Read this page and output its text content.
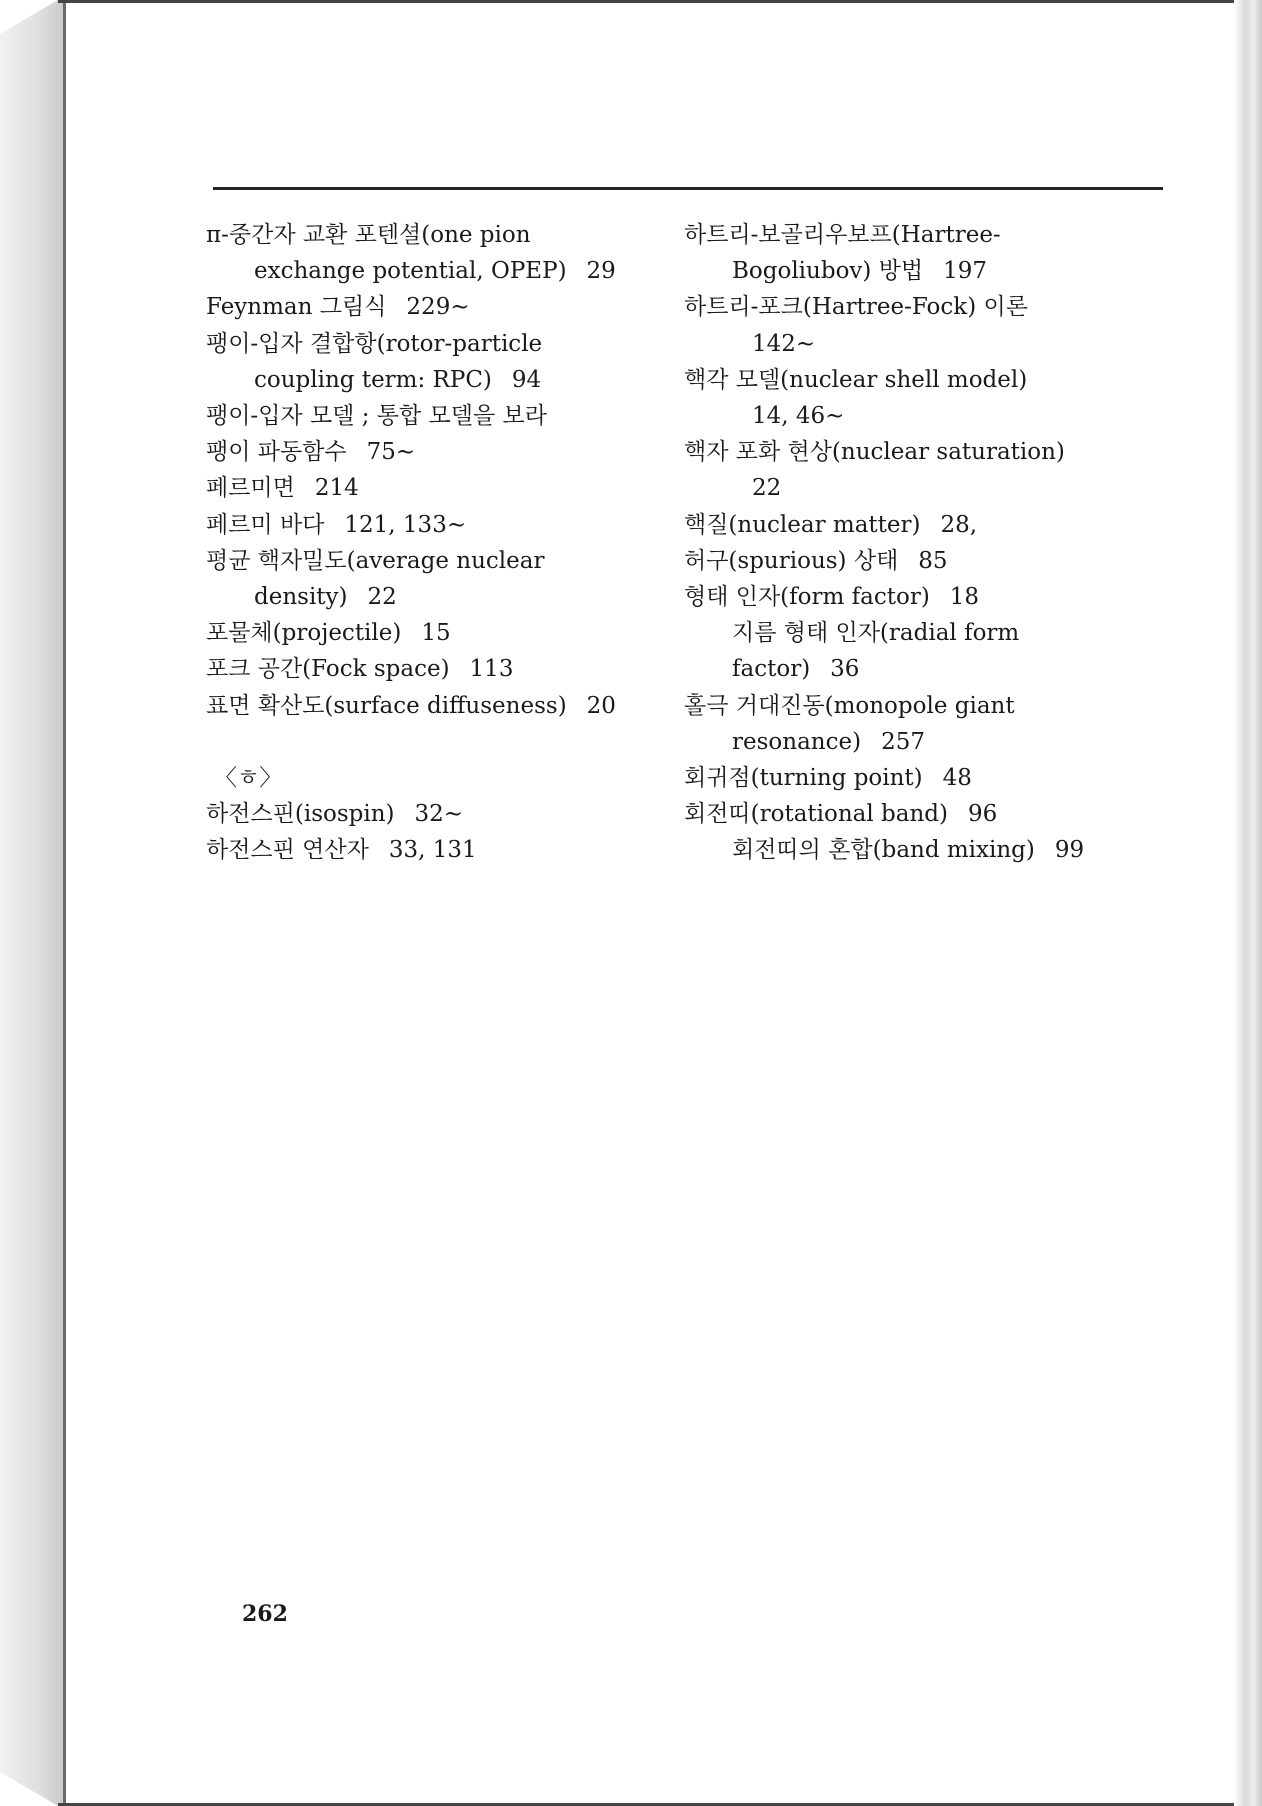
π-중간자 교환 포텐셜(one pion
exchange potential, OPEP) 29
Feynman 그림식 229∼
팽이-입자 결합항(rotor-particle
coupling term: RPC) 94
팽이-입자 모델 ; 통합 모델을 보라
팽이 파동함수 75∼
페르미면 214
페르미 바다 121, 133∼
평균 핵자밀도(average nuclear
density) 22
포물체(projectile) 15
포크 공간(Fock space) 113
표면 확산도(surface diffuseness) 20
〈ㅎ〉
하전스핀(isospin) 32∼
하전스핀 연산자 33, 131
하트리-보골리우보프(Hartree-
Bogoliubov) 방법 197
하트리-포크(Hartree-Fock) 이론
142∼
핵각 모델(nuclear shell model)
14, 46∼
핵자 포화 현상(nuclear saturation)
22
핵질(nuclear matter) 28,
허구(spurious) 상태 85
형태 인자(form factor) 18
지름 형태 인자(radial form
factor) 36
홀극 거대진동(monopole giant
resonance) 257
회귀점(turning point) 48
회전띠(rotational band) 96
회전띠의 혼합(band mixing) 99
262
